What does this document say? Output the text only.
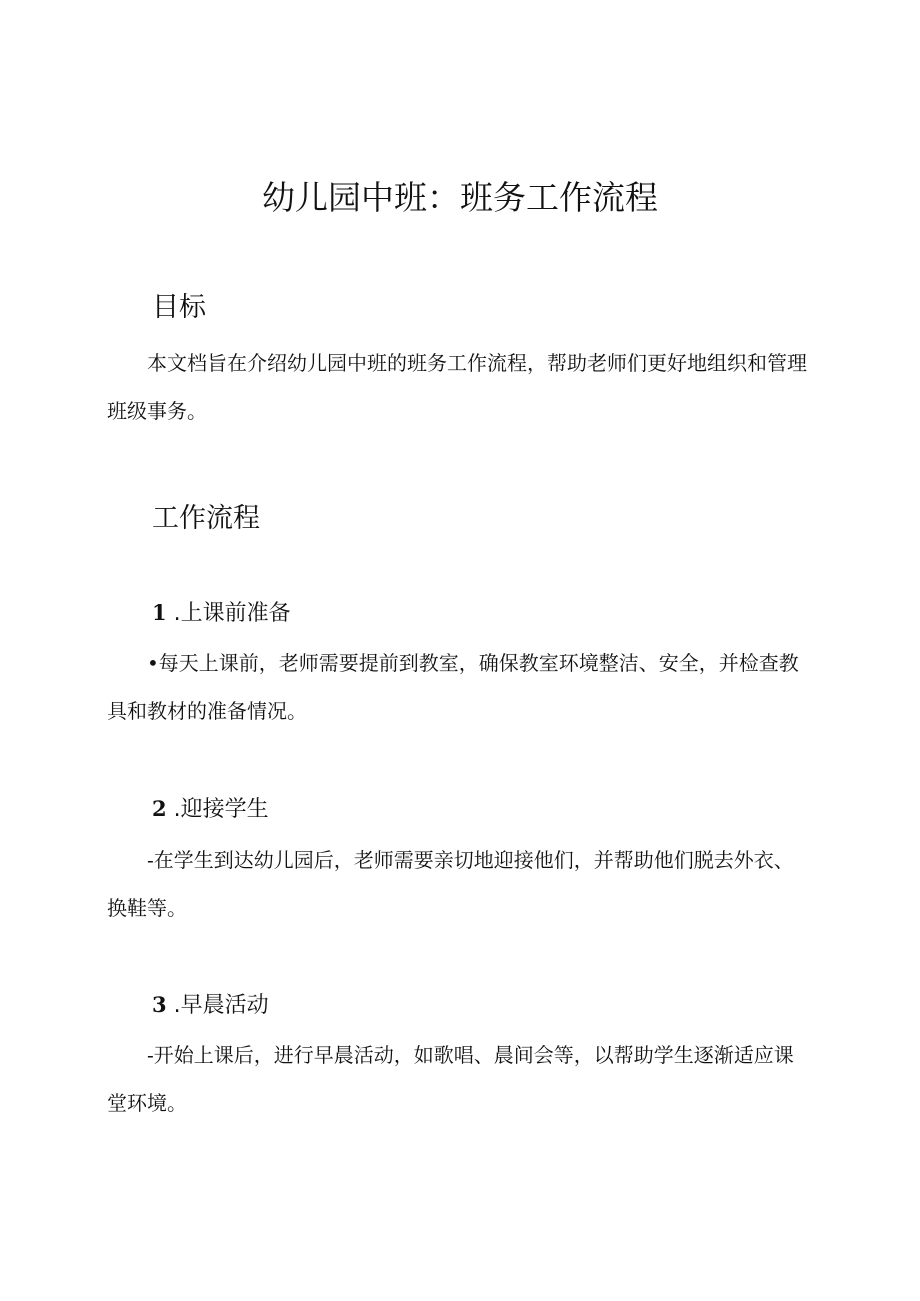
幼儿园中班：班务工作流程
目标

本文档旨在介绍幼儿园中班的班务工作流程，帮助老师们更好地组织和管理班级事务。

工作流程
1 .上课前准备

•每天上课前，老师需要提前到教室，确保教室环境整洁、安全，并检查教具和教材的准备情况。

2 .迎接学生

-在学生到达幼儿园后，老师需要亲切地迎接他们，并帮助他们脱去外衣、换鞋等。

3 .早晨活动

-开始上课后，进行早晨活动，如歌唱、晨间会等，以帮助学生逐渐适应课堂环境。
